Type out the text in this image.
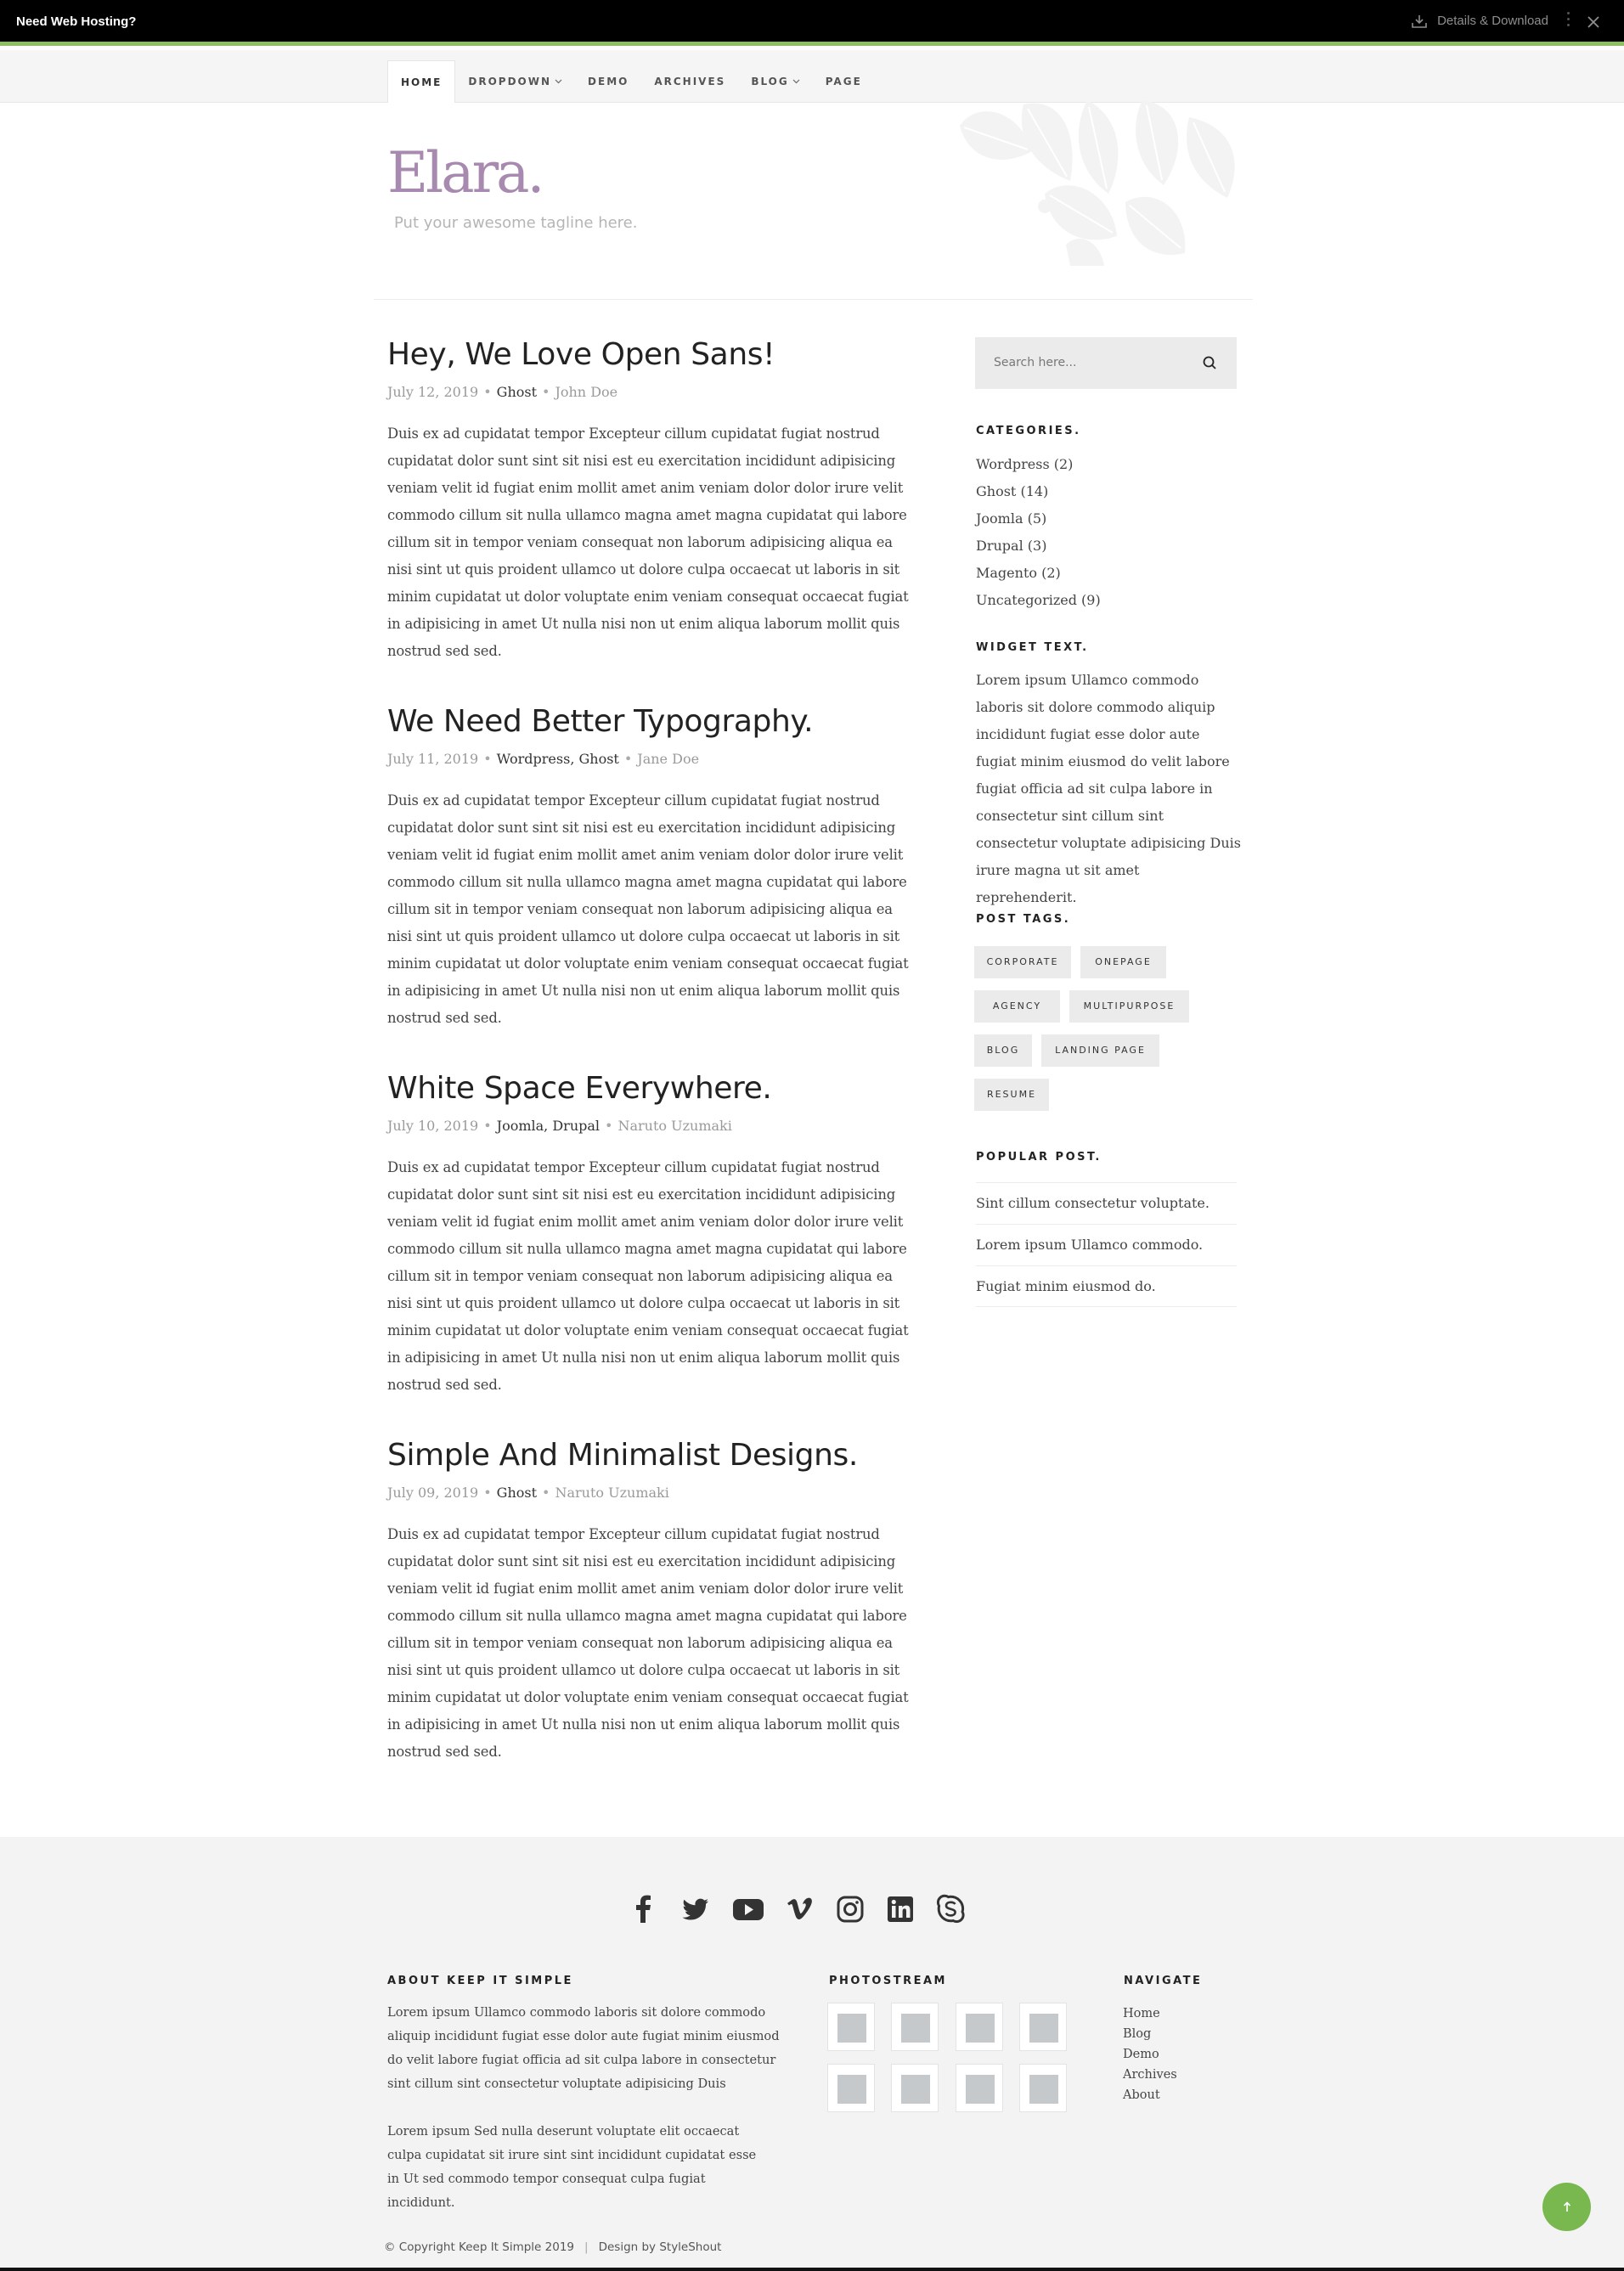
Need Web Hosting?	Details & Download
HOME	DROPDOWN	DEMO	ARCHIVES	BLOG	PAGE
Elara.
Put your awesome tagline here.
Hey, We Love Open Sans!
July 12, 2019 • Ghost • John Doe

Duis ex ad cupidatat tempor Excepteur cillum cupidatat fugiat nostrud cupidatat dolor sunt sint sit nisi est eu exercitation incididunt adipisicing veniam velit id fugiat enim mollit amet anim veniam dolor dolor irure velit commodo cillum sit nulla ullamco magna amet magna cupidatat qui labore cillum sit in tempor veniam consequat non laborum adipisicing aliqua ea nisi sint ut quis proident ullamco ut dolore culpa occaecat ut laboris in sit minim cupidatat ut dolor voluptate enim veniam consequat occaecat fugiat in adipisicing in amet Ut nulla nisi non ut enim aliqua laborum mollit quis nostrud sed sed.

We Need Better Typography.
July 11, 2019 • Wordpress, Ghost • Jane Doe

Duis ex ad cupidatat tempor Excepteur cillum cupidatat fugiat nostrud cupidatat dolor sunt sint sit nisi est eu exercitation incididunt adipisicing veniam velit id fugiat enim mollit amet anim veniam dolor dolor irure velit commodo cillum sit nulla ullamco magna amet magna cupidatat qui labore cillum sit in tempor veniam consequat non laborum adipisicing aliqua ea nisi sint ut quis proident ullamco ut dolore culpa occaecat ut laboris in sit minim cupidatat ut dolor voluptate enim veniam consequat occaecat fugiat in adipisicing in amet Ut nulla nisi non ut enim aliqua laborum mollit quis nostrud sed sed.

White Space Everywhere.
July 10, 2019 • Joomla, Drupal • Naruto Uzumaki

Duis ex ad cupidatat tempor Excepteur cillum cupidatat fugiat nostrud cupidatat dolor sunt sint sit nisi est eu exercitation incididunt adipisicing veniam velit id fugiat enim mollit amet anim veniam dolor dolor irure velit commodo cillum sit nulla ullamco magna amet magna cupidatat qui labore cillum sit in tempor veniam consequat non laborum adipisicing aliqua ea nisi sint ut quis proident ullamco ut dolore culpa occaecat ut laboris in sit minim cupidatat ut dolor voluptate enim veniam consequat occaecat fugiat in adipisicing in amet Ut nulla nisi non ut enim aliqua laborum mollit quis nostrud sed sed.

Simple And Minimalist Designs.
July 09, 2019 • Ghost • Naruto Uzumaki

Duis ex ad cupidatat tempor Excepteur cillum cupidatat fugiat nostrud cupidatat dolor sunt sint sit nisi est eu exercitation incididunt adipisicing veniam velit id fugiat enim mollit amet anim veniam dolor dolor irure velit commodo cillum sit nulla ullamco magna amet magna cupidatat qui labore cillum sit in tempor veniam consequat non laborum adipisicing aliqua ea nisi sint ut quis proident ullamco ut dolore culpa occaecat ut laboris in sit minim cupidatat ut dolor voluptate enim veniam consequat occaecat fugiat in adipisicing in amet Ut nulla nisi non ut enim aliqua laborum mollit quis nostrud sed sed.

Search here...
CATEGORIES.
Wordpress (2)
Ghost (14)
Joomla (5)
Drupal (3)
Magento (2)
Uncategorized (9)
WIDGET TEXT.
Lorem ipsum Ullamco commodo laboris sit dolore commodo aliquip incididunt fugiat esse dolor aute fugiat minim eiusmod do velit labore fugiat officia ad sit culpa labore in consectetur sint cillum sint consectetur voluptate adipisicing Duis irure magna ut sit amet reprehenderit.
POST TAGS.
CORPORATE	ONEPAGE
AGENCY	MULTIPURPOSE
BLOG	LANDING PAGE
RESUME
POPULAR POST.
Sint cillum consectetur voluptate.
Lorem ipsum Ullamco commodo.
Fugiat minim eiusmod do.
ABOUT KEEP IT SIMPLE

Lorem ipsum Ullamco commodo laboris sit dolore commodo aliquip incididunt fugiat esse dolor aute fugiat minim eiusmod do velit labore fugiat officia ad sit culpa labore in consectetur sint cillum sint consectetur voluptate adipisicing Duis

Lorem ipsum Sed nulla deserunt voluptate elit occaecat culpa cupidatat sit irure sint sint incididunt cupidatat esse in Ut sed commodo tempor consequat culpa fugiat incididunt.

PHOTOSTREAM	NAVIGATE
Home
Blog
Demo
Archives
About
© Copyright Keep It Simple 2019 | Design by StyleShout
